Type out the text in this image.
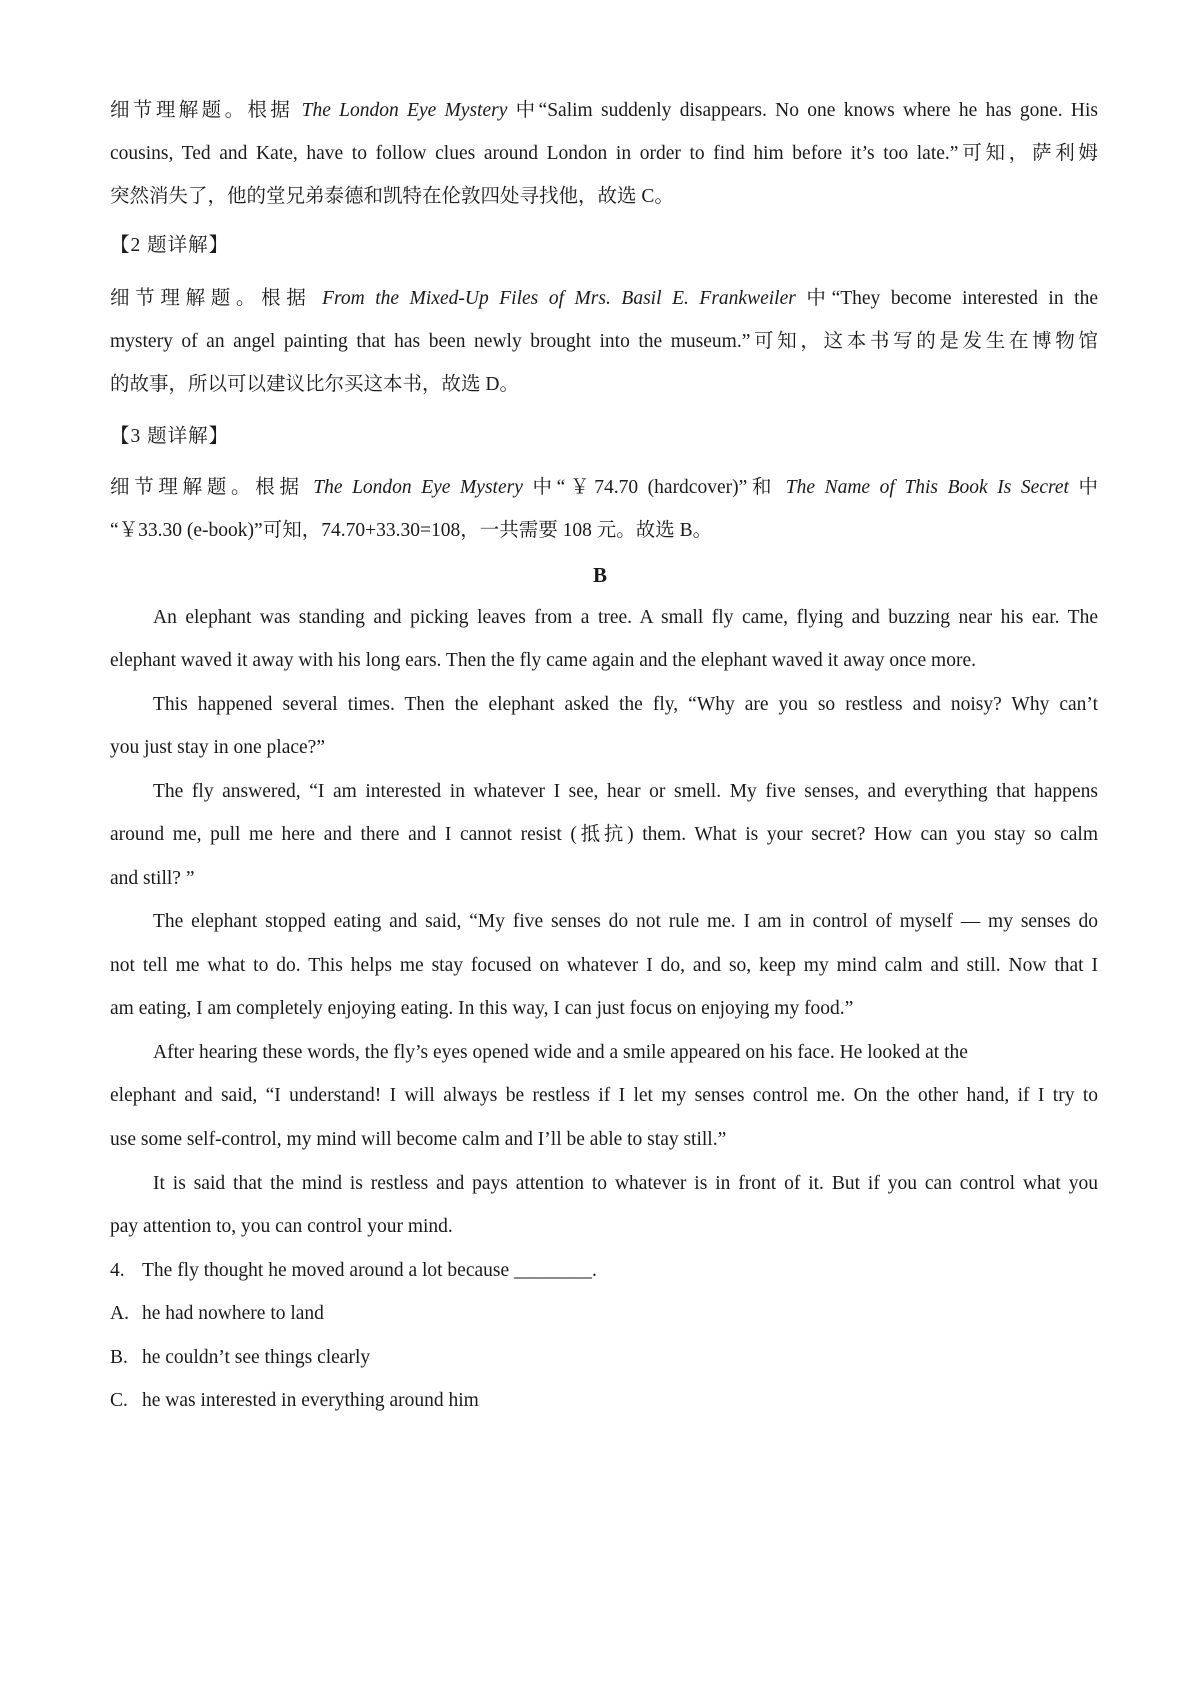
细节理解题。根据 The London Eye Mystery 中“Salim suddenly disappears. No one knows where he has gone. His
cousins, Ted and Kate, have to follow clues around London in order to find him before it’s too late.”可知，萨利姆
突然消失了，他的堂兄弟泰德和凯特在伦敦四处寻找他，故选 C。
【2 题详解】
细节理解题。根据 From the Mixed-Up Files of Mrs. Basil E. Frankweiler 中“They become interested in the
mystery of an angel painting that has been newly brought into the museum.”可知，这本书写的是发生在博物馆
的故事，所以可以建议比尔买这本书，故选 D。
【3 题详解】
细节理解题。根据 The London Eye Mystery 中“￥74.70 (hardcover)”和 The Name of This Book Is Secret 中
“￥33.30 (e-book)”可知，74.70+33.30=108，一共需要 108 元。故选 B。
B
An elephant was standing and picking leaves from a tree. A small fly came, flying and buzzing near his ear. The
elephant waved it away with his long ears. Then the fly came again and the elephant waved it away once more.
This happened several times. Then the elephant asked the fly, “Why are you so restless and noisy? Why can’t
you just stay in one place?”
The fly answered, “I am interested in whatever I see, hear or smell. My five senses, and everything that happens
around me, pull me here and there and I cannot resist (抵抗) them. What is your secret? How can you stay so calm
and still? ”
The elephant stopped eating and said, “My five senses do not rule me. I am in control of myself — my senses do
not tell me what to do. This helps me stay focused on whatever I do, and so, keep my mind calm and still. Now that I
am eating, I am completely enjoying eating. In this way, I can just focus on enjoying my food.”
After hearing these words, the fly’s eyes opened wide and a smile appeared on his face. He looked at the
elephant and said, “I understand! I will always be restless if I let my senses control me. On the other hand, if I try to
use some self-control, my mind will become calm and I’ll be able to stay still.”
It is said that the mind is restless and pays attention to whatever is in front of it. But if you can control what you
pay attention to, you can control your mind.
4. The fly thought he moved around a lot because ________.
A. he had nowhere to land
B. he couldn’t see things clearly
C. he was interested in everything around him
